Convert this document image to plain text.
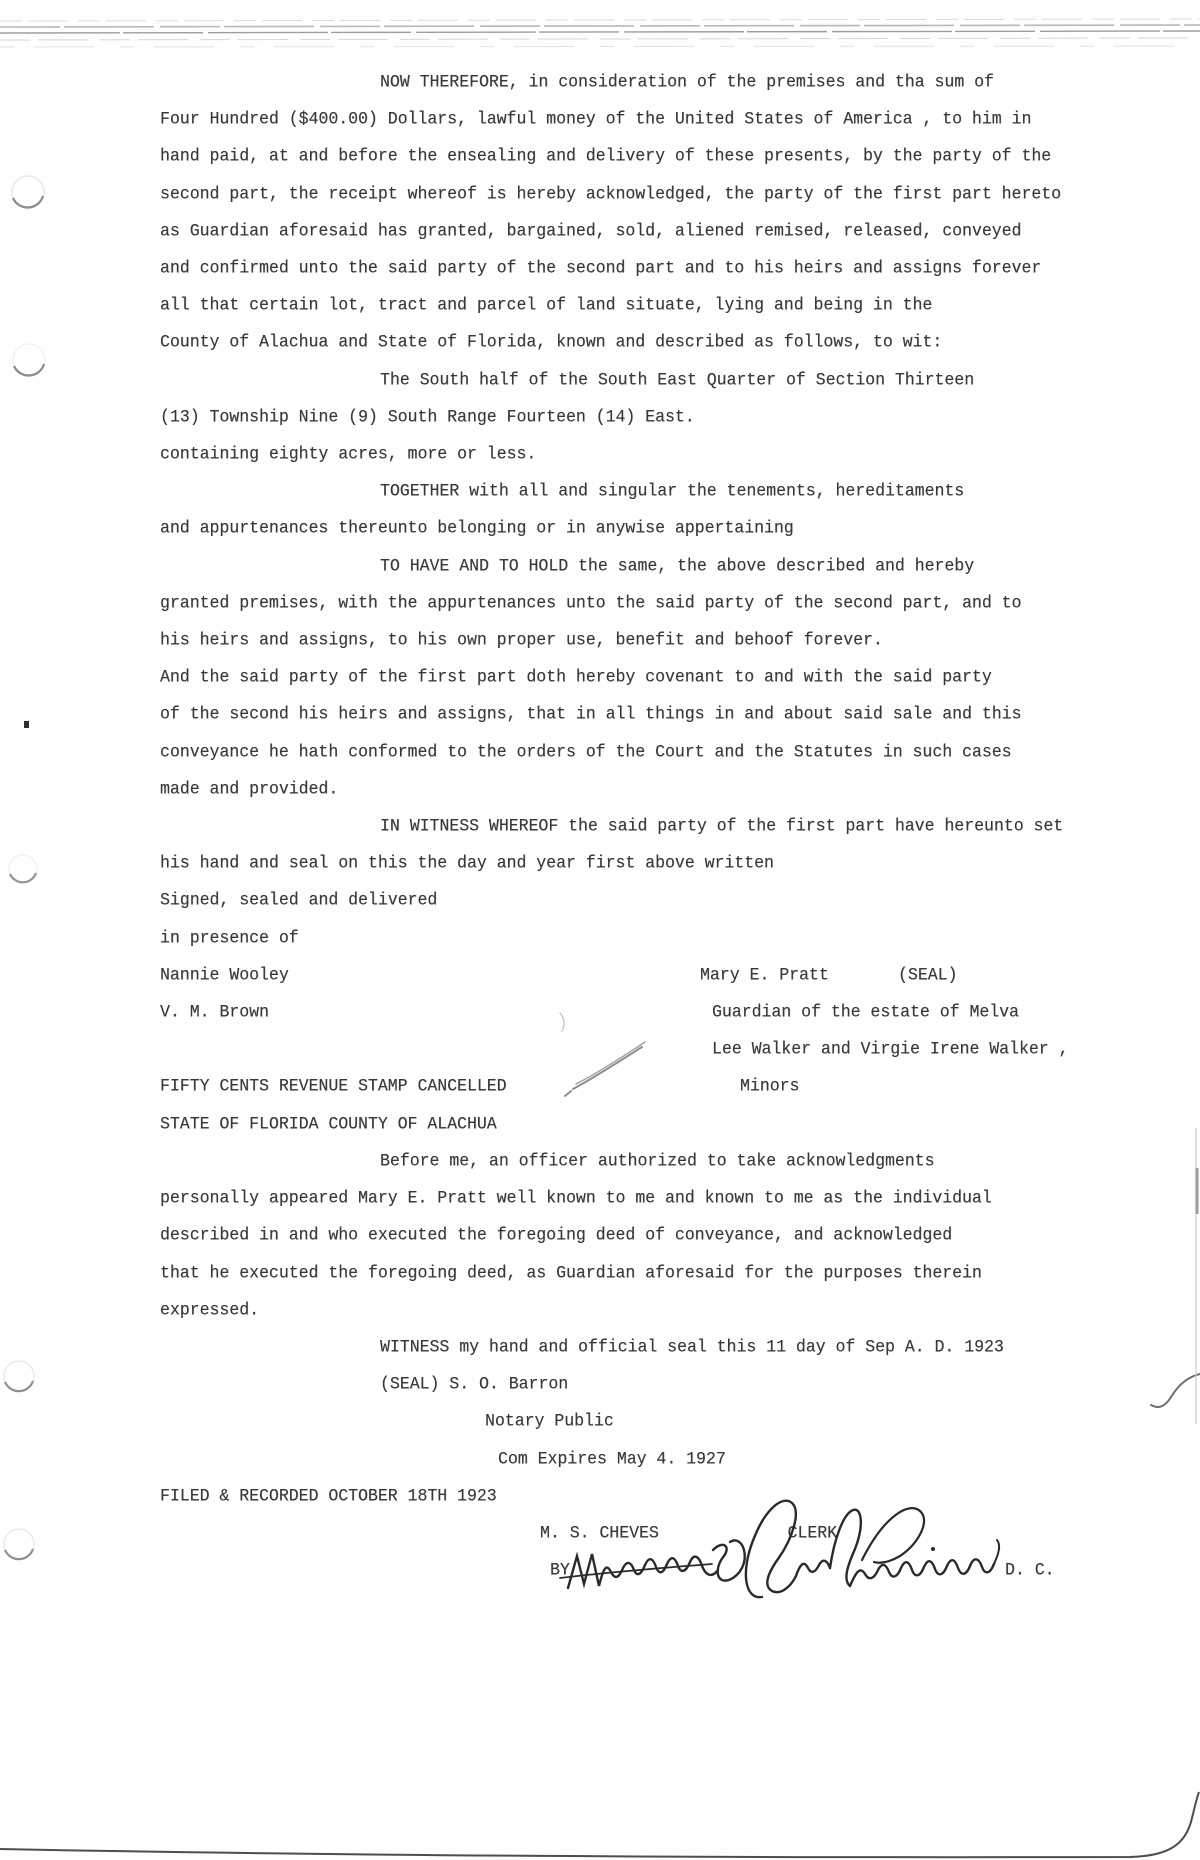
NOW THEREFORE, in consideration of the premises and tha sum of
Four Hundred ($400.00) Dollars, lawful money of the United States of America , to him in
hand paid, at and before the ensealing and delivery of these presents, by the party of the
second part, the receipt whereof is hereby acknowledged, the party of the first part hereto
as Guardian aforesaid has granted, bargained, sold, aliened remised, released, conveyed
and confirmed unto the said party of the second part and to his heirs and assigns forever
all that certain lot, tract and parcel of land situate, lying and being in the
County of Alachua and State of Florida, known and described as follows, to wit:
The South half of the South East Quarter of Section Thirteen
(13) Township Nine (9) South Range Fourteen (14) East.
containing eighty acres, more or less.
TOGETHER with all and singular the tenements, hereditaments
and appurtenances thereunto belonging or in anywise appertaining
TO HAVE AND TO HOLD the same, the above described and hereby
granted premises, with the appurtenances unto the said party of the second part, and to
his heirs and assigns, to his own proper use, benefit and behoof forever.
And the said party of the first part doth hereby covenant to and with the said party
of the second his heirs and assigns, that in all things in and about said sale and this
conveyance he hath conformed to the orders of the Court and the Statutes in such cases
made and provided.
IN WITNESS WHEREOF the said party of the first part have hereunto set
his hand and seal on this the day and year first above written
Signed, sealed and delivered
in presence of
Nannie Wooley	Mary E. Pratt       (SEAL)
V. M. Brown	Guardian of the estate of Melva

Lee Walker and Virgie Irene Walker ,
FIFTY CENTS REVENUE STAMP CANCELLED	Minors
STATE OF FLORIDA COUNTY OF ALACHUA
Before me, an officer authorized to take acknowledgments
personally appeared Mary E. Pratt well known to me and known to me as the individual
described in and who executed the foregoing deed of conveyance, and acknowledged
that he executed the foregoing deed, as Guardian aforesaid for the purposes therein
expressed.
WITNESS my hand and official seal this 11 day of Sep A. D. 1923
(SEAL) S. O. Barron
Notary Public
Com Expires May 4. 1927
FILED & RECORDED OCTOBER 18TH 1923
M. S. CHEVES             CLERK
BY	D. C.
